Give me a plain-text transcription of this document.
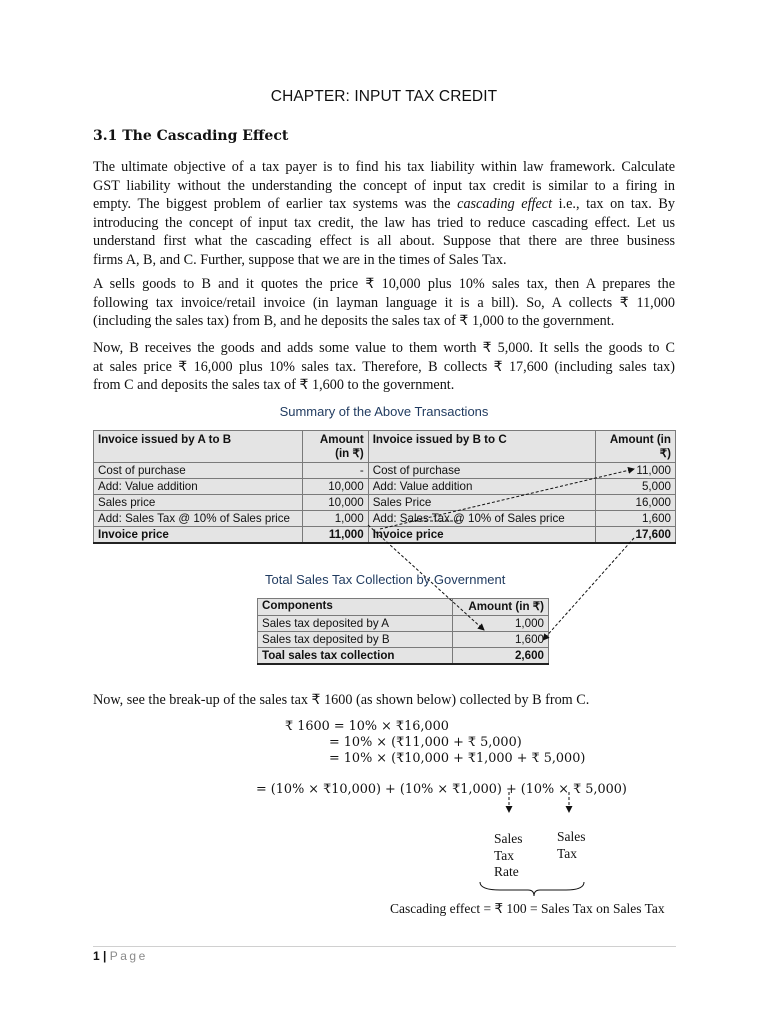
CHAPTER: INPUT TAX CREDIT
3.1 The Cascading Effect
The ultimate objective of a tax payer is to find his tax liability within law framework. Calculate
GST liability without the understanding the concept of input tax credit is similar to a firing in
empty. The biggest problem of earlier tax systems was the cascading effect i.e., tax on tax. By
introducing the concept of input tax credit, the law has tried to reduce cascading effect. Let us
understand first what the cascading effect is all about. Suppose that there are three business
firms A, B, and C. Further, suppose that we are in the times of Sales Tax.
A sells goods to B and it quotes the price ₹ 10,000 plus 10% sales tax, then A prepares the
following tax invoice/retail invoice (in layman language it is a bill). So, A collects ₹ 11,000
(including the sales tax) from B, and he deposits the sales tax of ₹ 1,000 to the government.
Now, B receives the goods and adds some value to them worth ₹ 5,000. It sells the goods to C
at sales price ₹ 16,000 plus 10% sales tax. Therefore, B collects ₹ 17,600 (including sales tax)
from C and deposits the sales tax of ₹ 1,600 to the government.
Summary of the Above Transactions
Invoice issued by A to B	Amount (in ₹)	Invoice issued by B to C	Amount (in ₹)
Cost of purchase	-	Cost of purchase	11,000
Add: Value addition	10,000	Add: Value addition	5,000
Sales price	10,000	Sales Price	16,000
Add: Sales Tax @ 10% of Sales price	1,000	Add: Sales Tax @ 10% of Sales price	1,600
Invoice price	11,000	Invoice price	17,600
Total Sales Tax Collection by Government
Components	Amount (in ₹)
Sales tax deposited by A	1,000
Sales tax deposited by B	1,600
Toal sales tax collection	2,600
Now, see the break-up of the sales tax ₹ 1600 (as shown below) collected by B from C.
₹ 1600 = 10% × ₹16,000
= 10% × (₹11,000 + ₹ 5,000)
= 10% × (₹10,000 + ₹1,000 + ₹ 5,000)
= (10% × ₹10,000) + (10% × ₹1,000) + (10% × ₹ 5,000)
Sales Tax Rate
Sales Tax
Cascading effect = ₹ 100 = Sales Tax on Sales Tax
1 | Page
